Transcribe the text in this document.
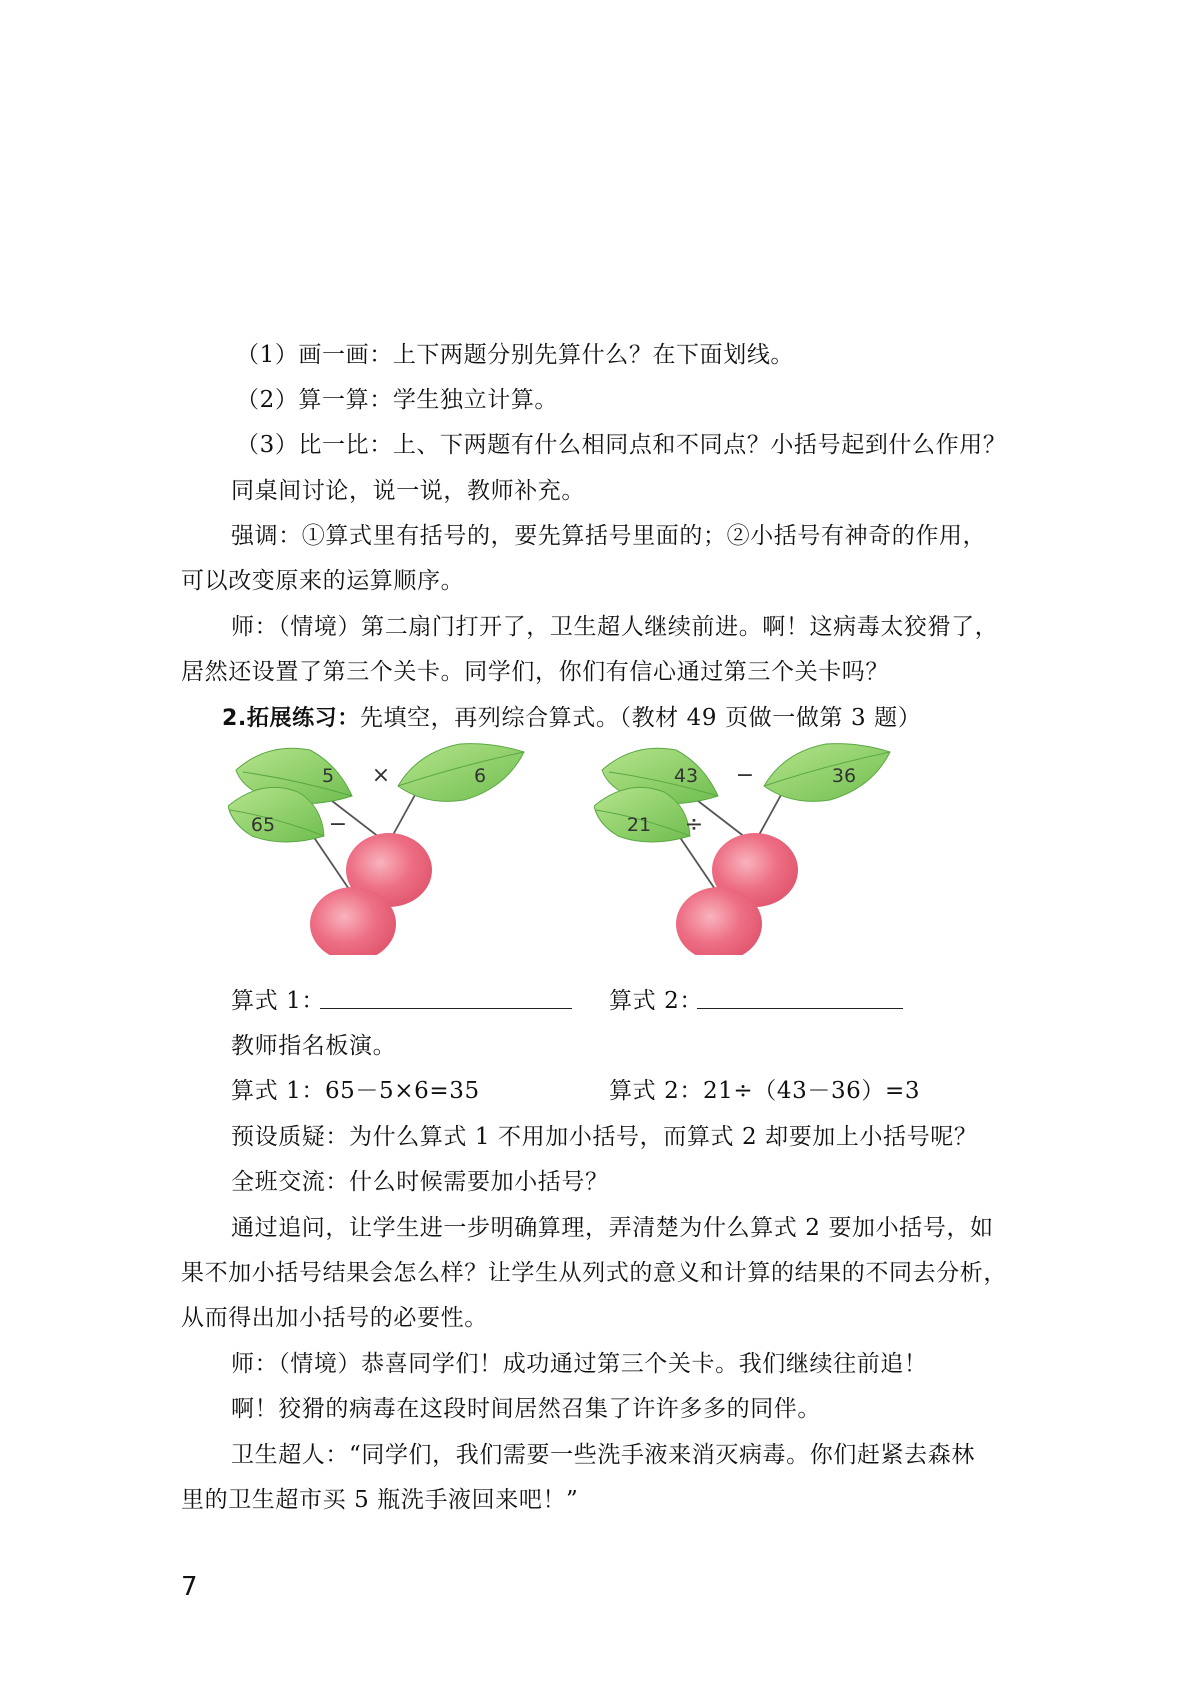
（1）画一画：上下两题分别先算什么？在下面划线。

（2）算一算：学生独立计算。

（3）比一比：上、下两题有什么相同点和不同点？小括号起到什么作用？

同桌间讨论，说一说，教师补充。

强调：①算式里有括号的，要先算括号里面的；②小括号有神奇的作用，

可以改变原来的运算顺序。

师：（情境）第二扇门打开了，卫生超人继续前进。啊！这病毒太狡猾了，

居然还设置了第三个关卡。同学们，你们有信心通过第三个关卡吗？

2.拓展练习：先填空，再列综合算式。（教材 49 页做一做第 3 题）

5 ×	6
65 −
43 −	36
21 ÷

算式 1：	算式 2：

教师指名板演。

算式 1：65－5×6=35	算式 2：21÷（43－36）=3

预设质疑：为什么算式 1 不用加小括号，而算式 2 却要加上小括号呢？

全班交流：什么时候需要加小括号？

通过追问，让学生进一步明确算理，弄清楚为什么算式 2 要加小括号，如

果不加小括号结果会怎么样？让学生从列式的意义和计算的结果的不同去分析，

从而得出加小括号的必要性。

师：（情境）恭喜同学们！成功通过第三个关卡。我们继续往前追！

啊！狡猾的病毒在这段时间居然召集了许许多多的同伴。

卫生超人：“同学们，我们需要一些洗手液来消灭病毒。你们赶紧去森林

里的卫生超市买 5 瓶洗手液回来吧！”

7
